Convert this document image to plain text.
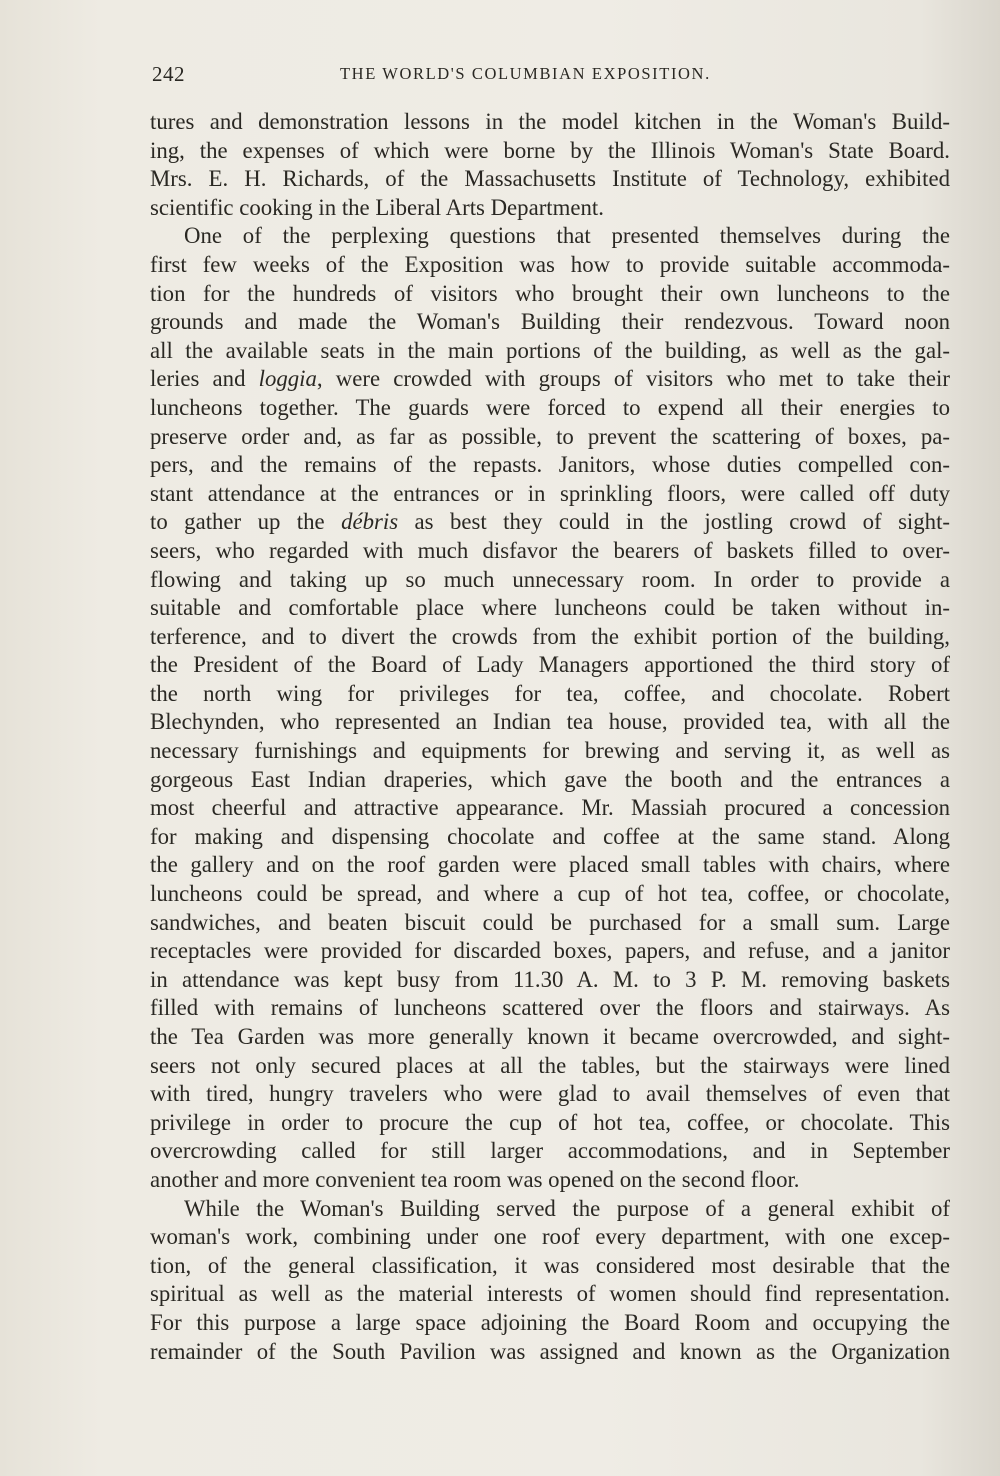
242	THE WORLD'S COLUMBIAN EXPOSITION.
tures and demonstration lessons in the model kitchen in the Woman's Build-
ing, the expenses of which were borne by the Illinois Woman's State Board.
Mrs. E. H. Richards, of the Massachusetts Institute of Technology, exhibited
scientific cooking in the Liberal Arts Department.
One of the perplexing questions that presented themselves during the
first few weeks of the Exposition was how to provide suitable accommoda-
tion for the hundreds of visitors who brought their own luncheons to the
grounds and made the Woman's Building their rendezvous. Toward noon
all the available seats in the main portions of the building, as well as the gal-
leries and loggia, were crowded with groups of visitors who met to take their
luncheons together. The guards were forced to expend all their energies to
preserve order and, as far as possible, to prevent the scattering of boxes, pa-
pers, and the remains of the repasts. Janitors, whose duties compelled con-
stant attendance at the entrances or in sprinkling floors, were called off duty
to gather up the débris as best they could in the jostling crowd of sight-
seers, who regarded with much disfavor the bearers of baskets filled to over-
flowing and taking up so much unnecessary room. In order to provide a
suitable and comfortable place where luncheons could be taken without in-
terference, and to divert the crowds from the exhibit portion of the building,
the President of the Board of Lady Managers apportioned the third story of
the north wing for privileges for tea, coffee, and chocolate. Robert
Blechynden, who represented an Indian tea house, provided tea, with all the
necessary furnishings and equipments for brewing and serving it, as well as
gorgeous East Indian draperies, which gave the booth and the entrances a
most cheerful and attractive appearance. Mr. Massiah procured a concession
for making and dispensing chocolate and coffee at the same stand. Along
the gallery and on the roof garden were placed small tables with chairs, where
luncheons could be spread, and where a cup of hot tea, coffee, or chocolate,
sandwiches, and beaten biscuit could be purchased for a small sum. Large
receptacles were provided for discarded boxes, papers, and refuse, and a janitor
in attendance was kept busy from 11.30 A. M. to 3 P. M. removing baskets
filled with remains of luncheons scattered over the floors and stairways. As
the Tea Garden was more generally known it became overcrowded, and sight-
seers not only secured places at all the tables, but the stairways were lined
with tired, hungry travelers who were glad to avail themselves of even that
privilege in order to procure the cup of hot tea, coffee, or chocolate. This
overcrowding called for still larger accommodations, and in September
another and more convenient tea room was opened on the second floor.
While the Woman's Building served the purpose of a general exhibit of
woman's work, combining under one roof every department, with one excep-
tion, of the general classification, it was considered most desirable that the
spiritual as well as the material interests of women should find representation.
For this purpose a large space adjoining the Board Room and occupying the
remainder of the South Pavilion was assigned and known as the Organization
